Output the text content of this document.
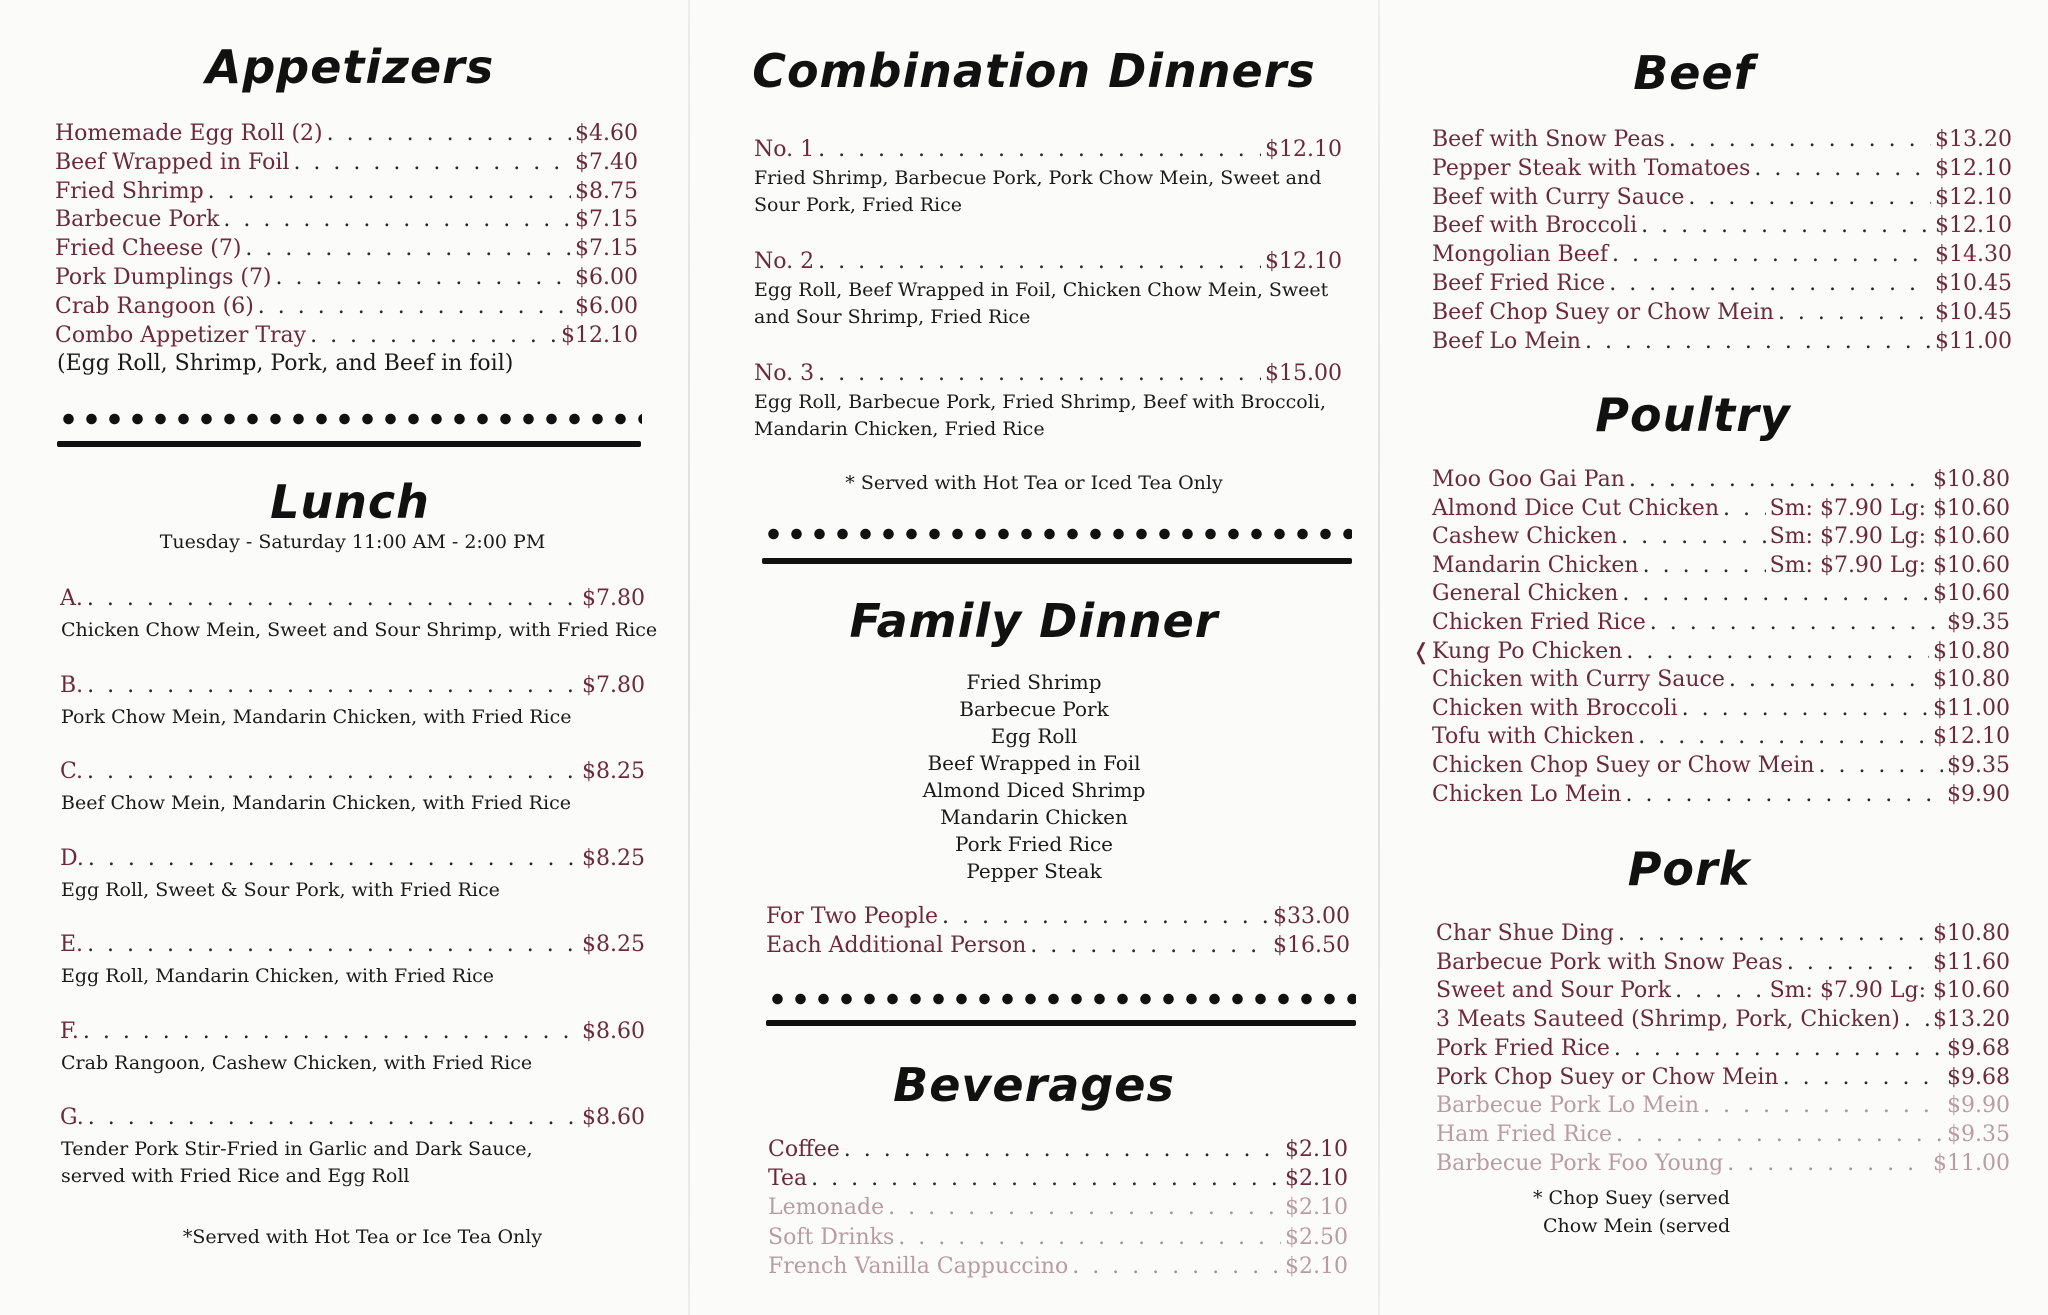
Appetizers
Homemade Egg Roll (2) . . .	$4.60
Beef Wrapped in Foil . . .	$7.40
Fried Shrimp . . .	$8.75
Barbecue Pork . . .	$7.15
Fried Cheese (7) . . .	$7.15
Pork Dumplings (7) . . .	$6.00
Crab Rangoon (6) . . .	$6.00
Combo Appetizer Tray . . .	$12.10
(Egg Roll, Shrimp, Pork, and Beef in foil)
Lunch
Tuesday - Saturday 11:00 AM - 2:00 PM
A. . . .	$7.80
Chicken Chow Mein, Sweet and Sour Shrimp, with Fried Rice
B. . . .	$7.80
Pork Chow Mein, Mandarin Chicken, with Fried Rice
C. . . .	$8.25
Beef Chow Mein, Mandarin Chicken, with Fried Rice
D. . . .	$8.25
Egg Roll, Sweet & Sour Pork, with Fried Rice
E. . . .	$8.25
Egg Roll, Mandarin Chicken, with Fried Rice
F. . . .	$8.60
Crab Rangoon, Cashew Chicken, with Fried Rice
G. . . .	$8.60
Tender Pork Stir-Fried in Garlic and Dark Sauce,
served with Fried Rice and Egg Roll
*Served with Hot Tea or Ice Tea Only
Combination Dinners
No. 1 . . .	$12.10
Fried Shrimp, Barbecue Pork, Pork Chow Mein, Sweet and
Sour Pork, Fried Rice
No. 2 . . .	$12.10
Egg Roll, Beef Wrapped in Foil, Chicken Chow Mein, Sweet
and Sour Shrimp, Fried Rice
No. 3 . . .	$15.00
Egg Roll, Barbecue Pork, Fried Shrimp, Beef with Broccoli,
Mandarin Chicken, Fried Rice
* Served with Hot Tea or Iced Tea Only
Family Dinner
Fried Shrimp
Barbecue Pork
Egg Roll
Beef Wrapped in Foil
Almond Diced Shrimp
Mandarin Chicken
Pork Fried Rice
Pepper Steak
For Two People . . .	$33.00
Each Additional Person . . .	$16.50
Beverages
Coffee . . .	$2.10
Tea . . .	$2.10
Lemonade . . .	$2.10
Soft Drinks . . .	$2.50
French Vanilla Cappuccino . . .	$2.10
Beef
Beef with Snow Peas . . .	$13.20
Pepper Steak with Tomatoes . . .	$12.10
Beef with Curry Sauce . . .	$12.10
Beef with Broccoli . . .	$12.10
Mongolian Beef . . .	$14.30
Beef Fried Rice . . .	$10.45
Beef Chop Suey or Chow Mein . . .	$10.45
Beef Lo Mein . . .	$11.00
Poultry
Moo Goo Gai Pan . . .	$10.80
Almond Dice Cut Chicken . . . Sm: $7.90 Lg: $10.60
Cashew Chicken . . .	Sm: $7.90 Lg: $10.60
Mandarin Chicken . . .	Sm: $7.90 Lg: $10.60
General Chicken . . .	$10.60
Chicken Fried Rice . . .	$9.35
Kung Po Chicken . . .	$10.80
Chicken with Curry Sauce . . .	$10.80
Chicken with Broccoli . . .	$11.00
Tofu with Chicken . . .	$12.10
Chicken Chop Suey or Chow Mein . . .	$9.35
Chicken Lo Mein . . .	$9.90
❬
Pork
Char Shue Ding . . .	$10.80
Barbecue Pork with Snow Peas . . .	$11.60
Sweet and Sour Pork . . .	Sm: $7.90 Lg: $10.60
3 Meats Sauteed (Shrimp, Pork, Chicken) . . . $13.20
Pork Fried Rice . . .	$9.68
Pork Chop Suey or Chow Mein . . .	$9.68
Barbecue Pork Lo Mein . . .	$9.90
Ham Fried Rice . . .	$9.35
Barbecue Pork Foo Young . . .	$11.00
* Chop Suey (served
Chow Mein (served
